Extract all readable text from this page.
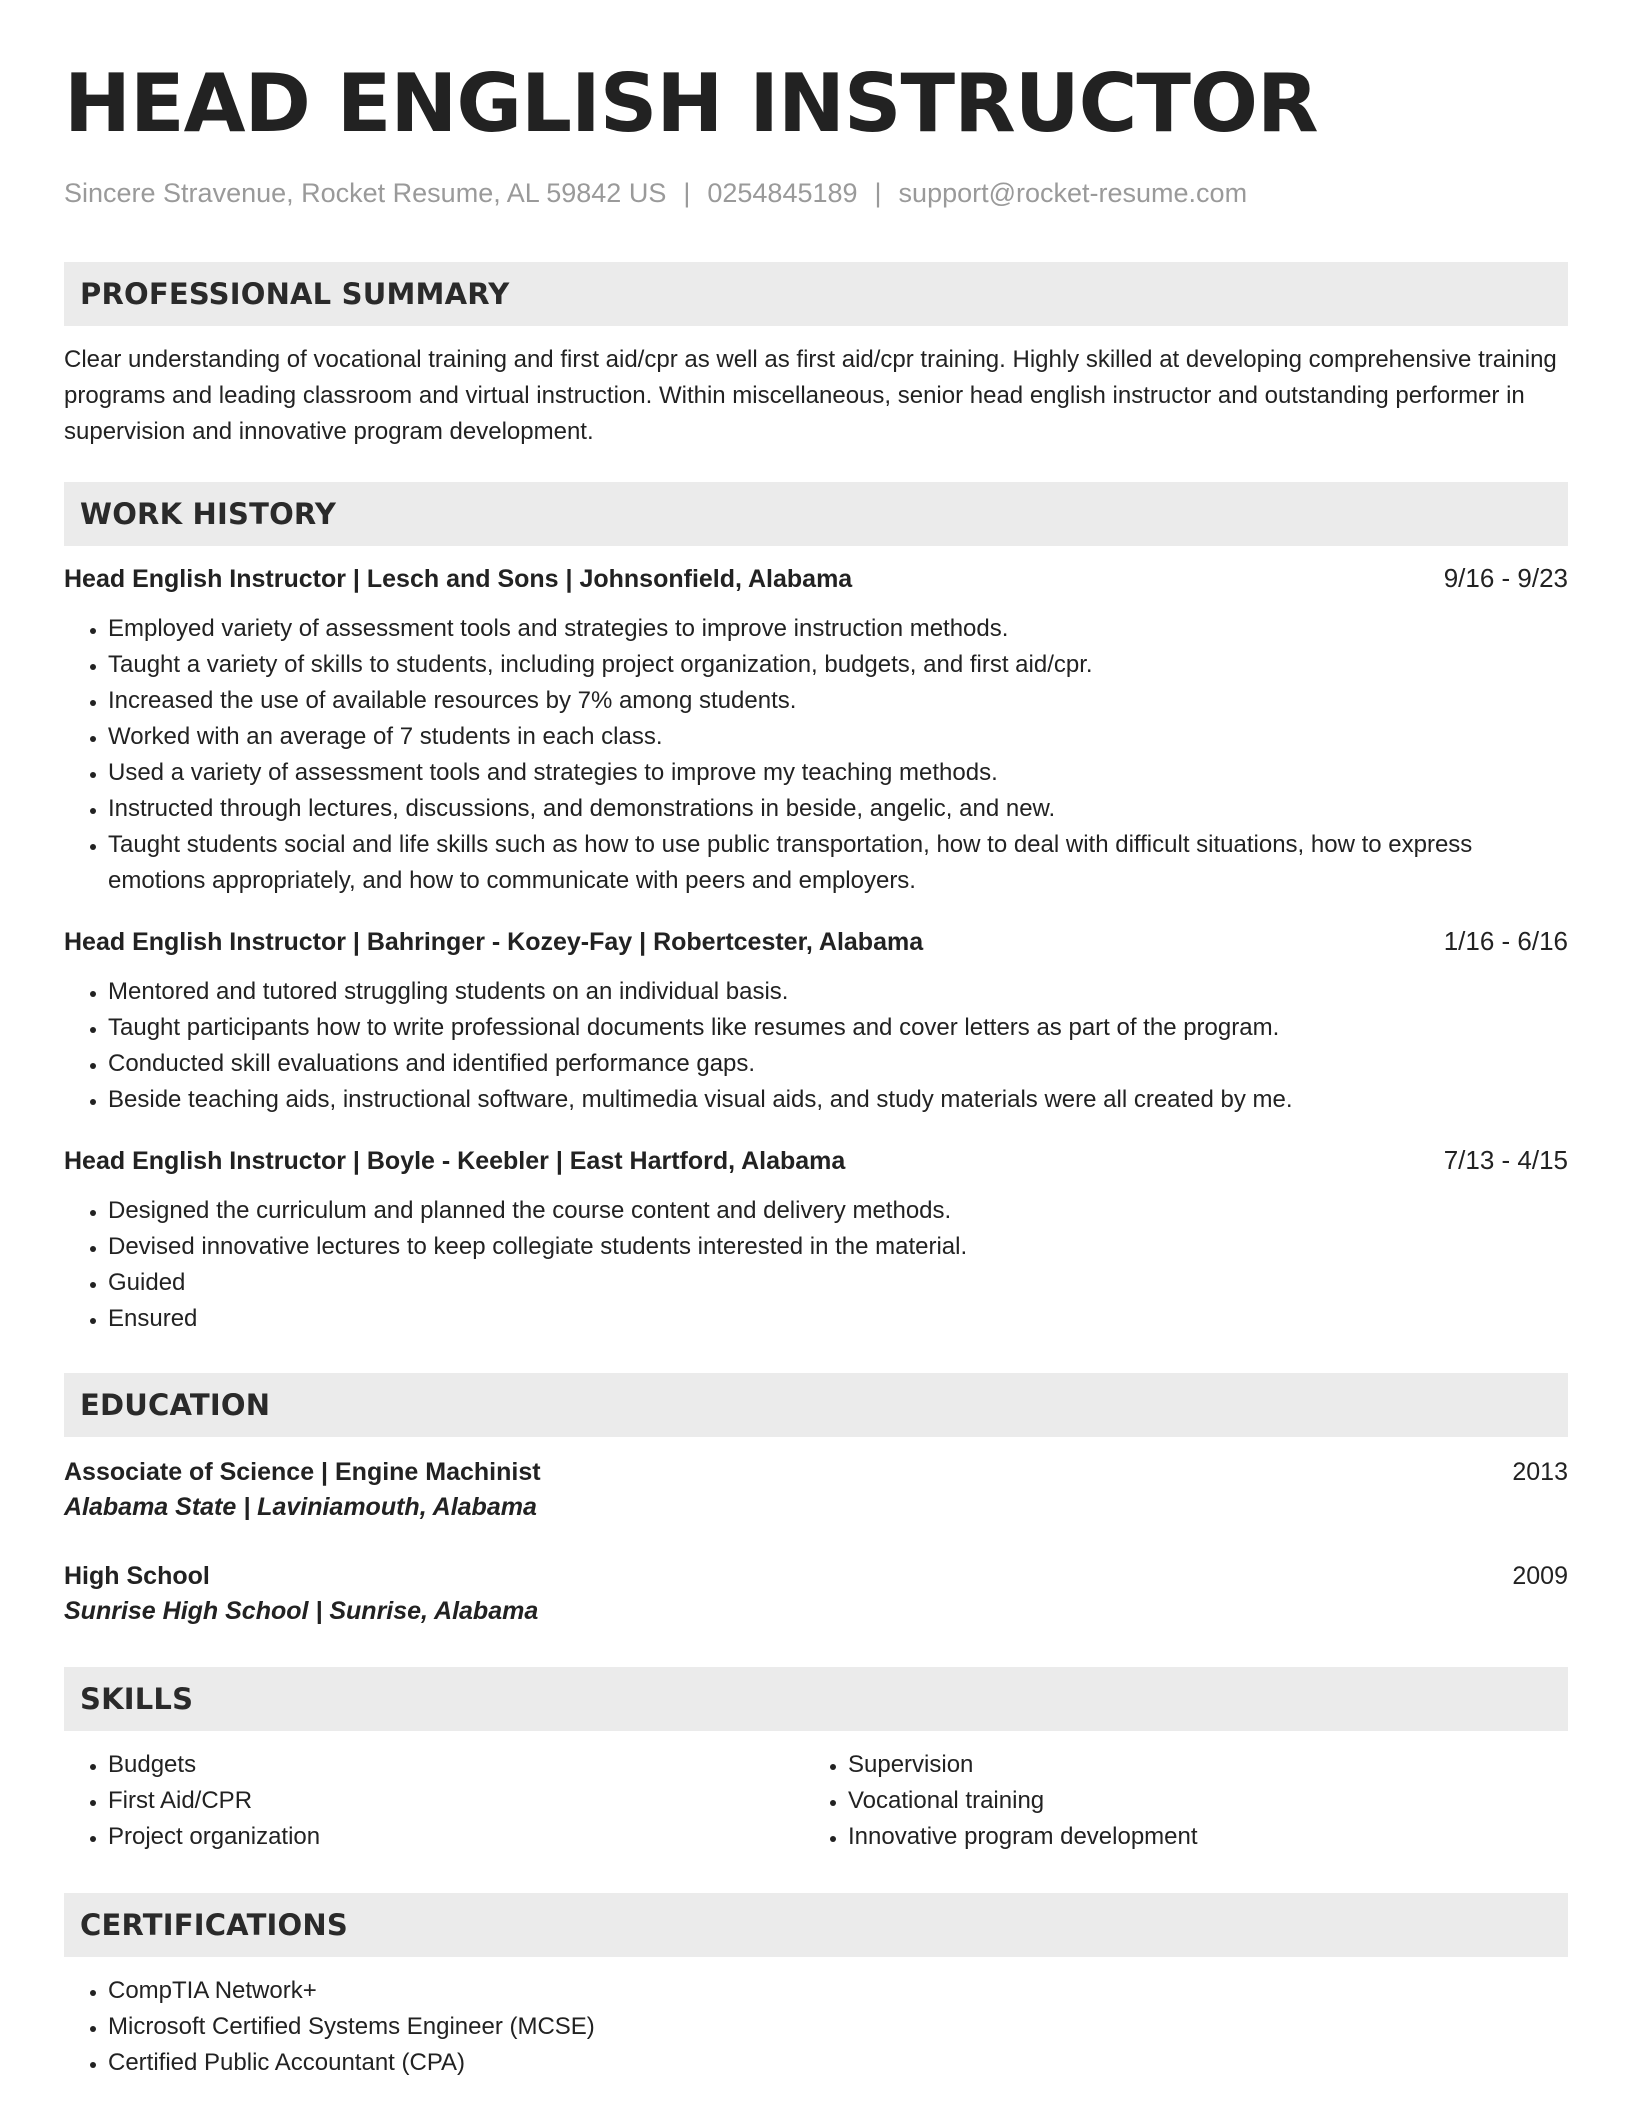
HEAD ENGLISH INSTRUCTOR
Sincere Stravenue, Rocket Resume, AL 59842 US | 0254845189 | support@rocket-resume.com
PROFESSIONAL SUMMARY
Clear understanding of vocational training and first aid/cpr as well as first aid/cpr training. Highly skilled at developing comprehensive training programs and leading classroom and virtual instruction. Within miscellaneous, senior head english instructor and outstanding performer in supervision and innovative program development.
WORK HISTORY
Head English Instructor | Lesch and Sons | Johnsonfield, Alabama	9/16 - 9/23
• Employed variety of assessment tools and strategies to improve instruction methods.
• Taught a variety of skills to students, including project organization, budgets, and first aid/cpr.
• Increased the use of available resources by 7% among students.
• Worked with an average of 7 students in each class.
• Used a variety of assessment tools and strategies to improve my teaching methods.
• Instructed through lectures, discussions, and demonstrations in beside, angelic, and new.
• Taught students social and life skills such as how to use public transportation, how to deal with difficult situations, how to express emotions appropriately, and how to communicate with peers and employers.
Head English Instructor | Bahringer - Kozey-Fay | Robertcester, Alabama	1/16 - 6/16
• Mentored and tutored struggling students on an individual basis.
• Taught participants how to write professional documents like resumes and cover letters as part of the program.
• Conducted skill evaluations and identified performance gaps.
• Beside teaching aids, instructional software, multimedia visual aids, and study materials were all created by me.
Head English Instructor | Boyle - Keebler | East Hartford, Alabama	7/13 - 4/15
• Designed the curriculum and planned the course content and delivery methods.
• Devised innovative lectures to keep collegiate students interested in the material.
• Guided
• Ensured
EDUCATION
Associate of Science | Engine Machinist	2013
Alabama State | Laviniamouth, Alabama
High School	2009
Sunrise High School | Sunrise, Alabama
SKILLS
• Budgets
• First Aid/CPR
• Project organization
• Supervision
• Vocational training
• Innovative program development
CERTIFICATIONS
• CompTIA Network+
• Microsoft Certified Systems Engineer (MCSE)
• Certified Public Accountant (CPA)
